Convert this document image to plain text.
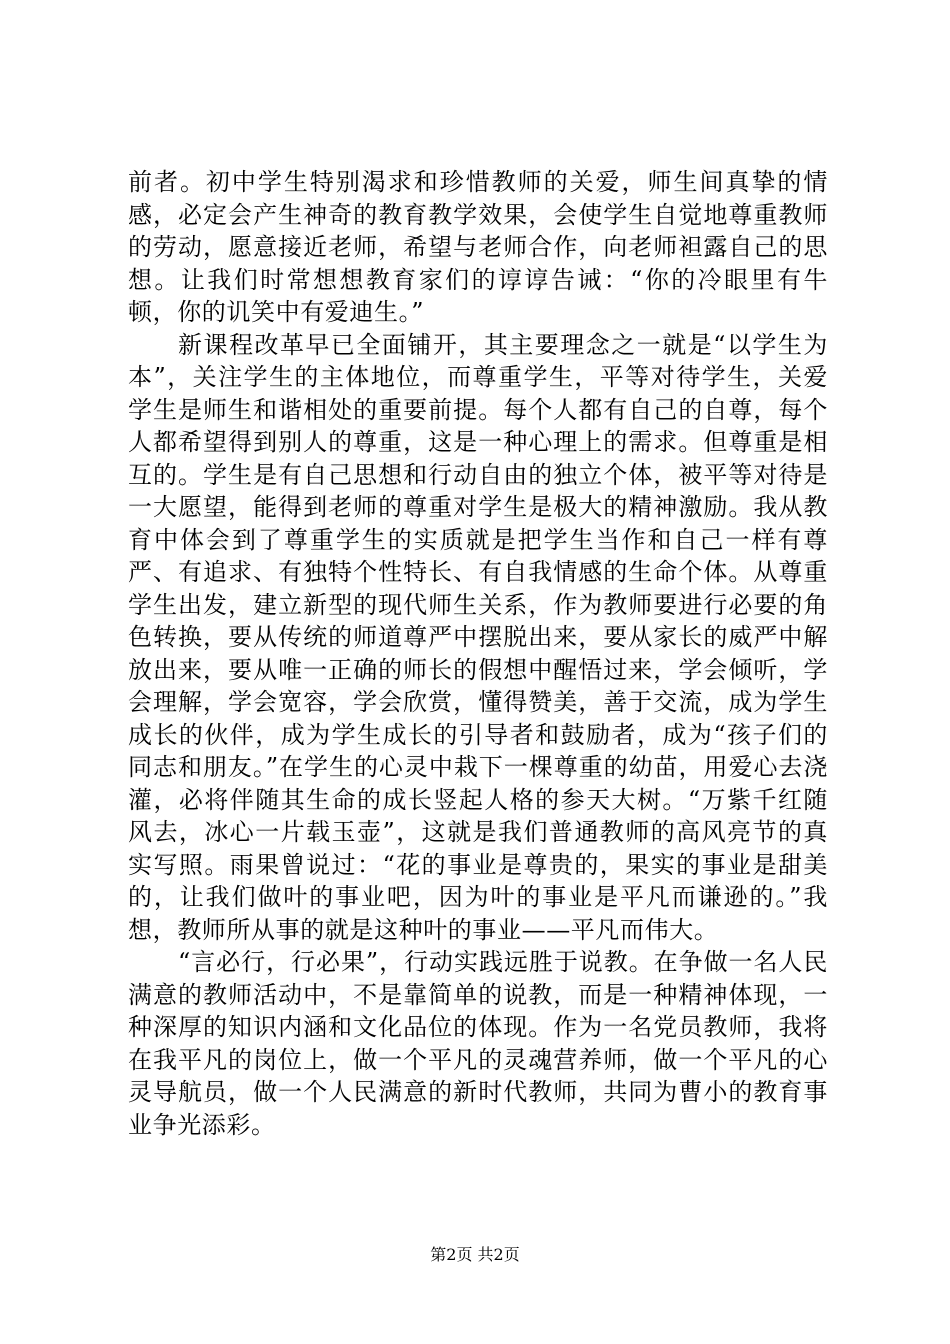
前者。初中学生特别渴求和珍惜教师的关爱，师生间真挚的情感，必定会产生神奇的教育教学效果，会使学生自觉地尊重教师的劳动，愿意接近老师，希望与老师合作，向老师袒露自己的思想。让我们时常想想教育家们的谆谆告诫：“你的冷眼里有牛顿，你的讥笑中有爱迪生。”

新课程改革早已全面铺开，其主要理念之一就是“以学生为本”，关注学生的主体地位，而尊重学生，平等对待学生，关爱学生是师生和谐相处的重要前提。每个人都有自己的自尊，每个人都希望得到别人的尊重，这是一种心理上的需求。但尊重是相互的。学生是有自己思想和行动自由的独立个体，被平等对待是一大愿望，能得到老师的尊重对学生是极大的精神激励。我从教育中体会到了尊重学生的实质就是把学生当作和自己一样有尊严、有追求、有独特个性特长、有自我情感的生命个体。从尊重学生出发，建立新型的现代师生关系，作为教师要进行必要的角色转换，要从传统的师道尊严中摆脱出来，要从家长的威严中解放出来，要从唯一正确的师长的假想中醒悟过来，学会倾听，学会理解，学会宽容，学会欣赏，懂得赞美，善于交流，成为学生成长的伙伴，成为学生成长的引导者和鼓励者，成为“孩子们的同志和朋友。”在学生的心灵中栽下一棵尊重的幼苗，用爱心去浇灌，必将伴随其生命的成长竖起人格的参天大树。“万紫千红随风去，冰心一片载玉壶”，这就是我们普通教师的高风亮节的真实写照。雨果曾说过：“花的事业是尊贵的，果实的事业是甜美的，让我们做叶的事业吧，因为叶的事业是平凡而谦逊的。”我想，教师所从事的就是这种叶的事业——平凡而伟大。

“言必行，行必果”，行动实践远胜于说教。在争做一名人民满意的教师活动中，不是靠简单的说教，而是一种精神体现，一种深厚的知识内涵和文化品位的体现。作为一名党员教师，我将在我平凡的岗位上，做一个平凡的灵魂营养师，做一个平凡的心灵导航员，做一个人民满意的新时代教师，共同为曹小的教育事业争光添彩。

第2页 共2页
